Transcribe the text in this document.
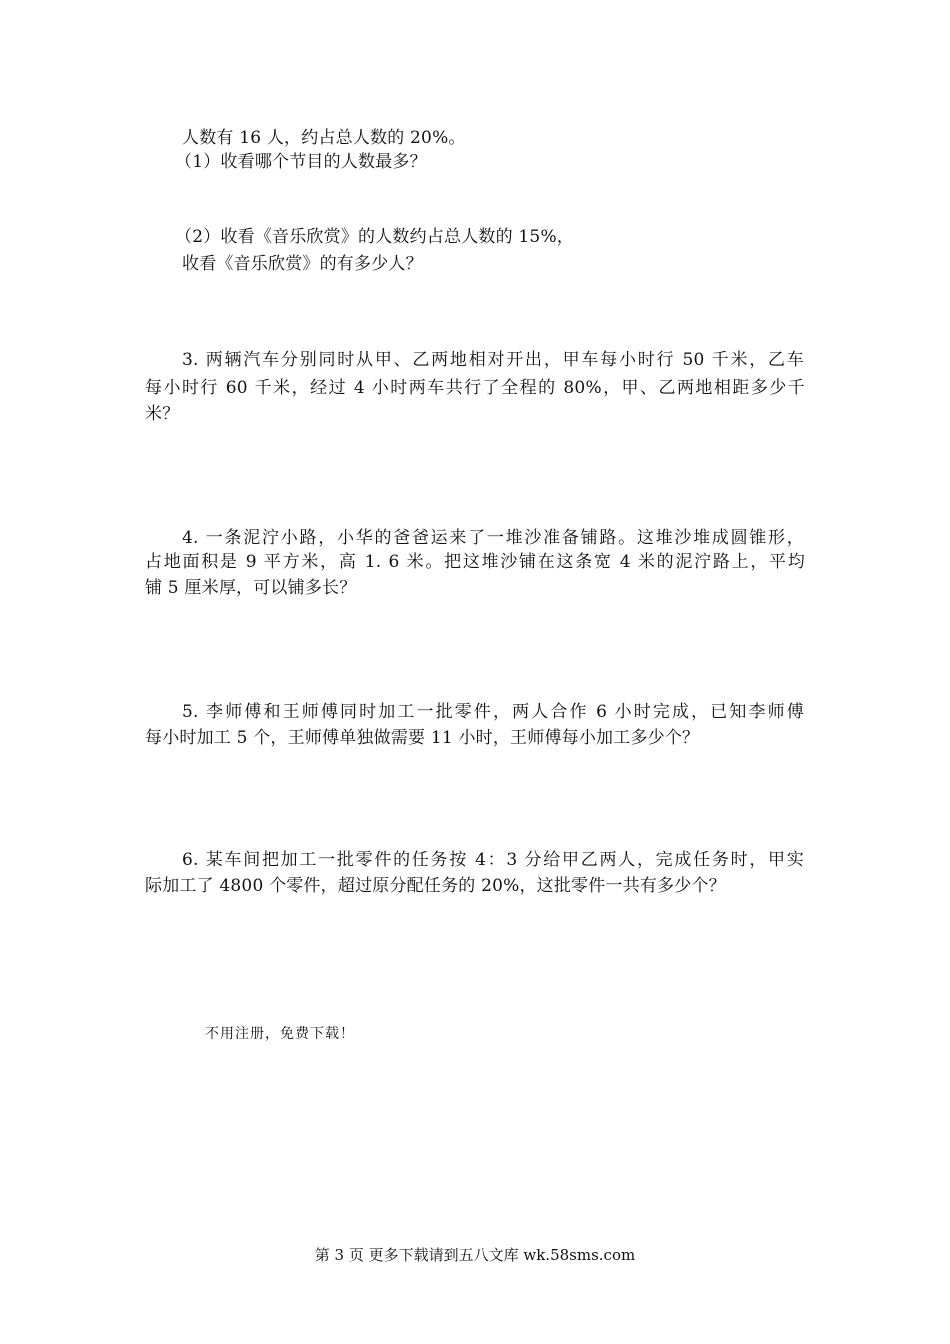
人数有 16 人，约占总人数的 20%。
（1）收看哪个节目的人数最多？
（2）收看《音乐欣赏》的人数约占总人数的 15%，
收看《音乐欣赏》的有多少人？
3. 两辆汽车分别同时从甲、乙两地相对开出，甲车每小时行 50 千米，乙车
每小时行 60 千米，经过 4 小时两车共行了全程的 80%，甲、乙两地相距多少千
米？
4. 一条泥泞小路，小华的爸爸运来了一堆沙准备铺路。这堆沙堆成圆锥形，
占地面积是 9 平方米，高 1. 6 米。把这堆沙铺在这条宽 4 米的泥泞路上，平均
铺 5 厘米厚，可以铺多长？
5. 李师傅和王师傅同时加工一批零件，两人合作 6 小时完成，已知李师傅
每小时加工 5 个，王师傅单独做需要 11 小时，王师傅每小加工多少个？
6. 某车间把加工一批零件的任务按 4：3 分给甲乙两人，完成任务时，甲实
际加工了 4800 个零件，超过原分配任务的 20%，这批零件一共有多少个？
不用注册，免费下载！
第 3 页 更多下载请到五八文库 wk.58sms.com
